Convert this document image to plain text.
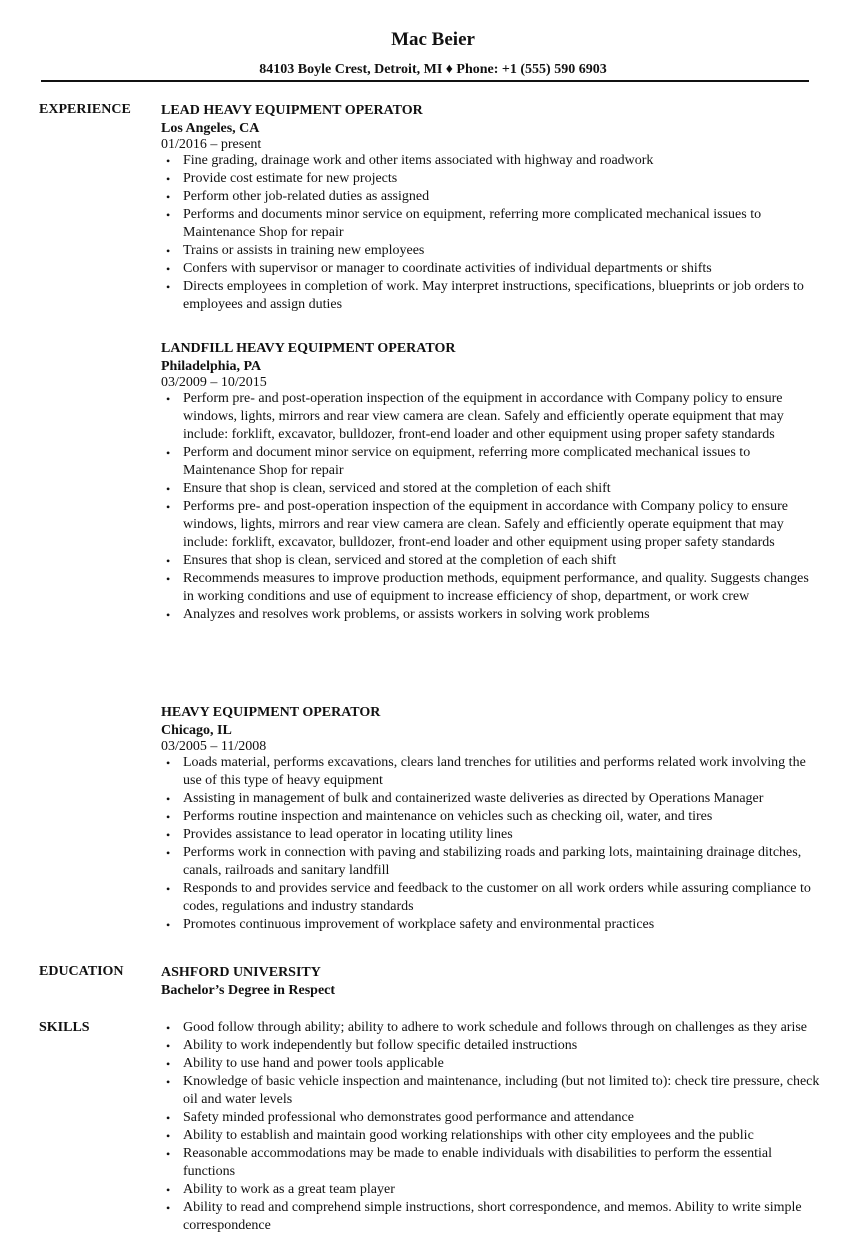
Mac Beier
84103 Boyle Crest, Detroit, MI ♦ Phone: +1 (555) 590 6903
EXPERIENCE LEAD HEAVY EQUIPMENT OPERATOR
Los Angeles, CA
01/2016 – present
• Fine grading, drainage work and other items associated with highway and roadwork
• Provide cost estimate for new projects
• Perform other job-related duties as assigned
• Performs and documents minor service on equipment, referring more complicated mechanical issues to Maintenance Shop for repair
• Trains or assists in training new employees
• Confers with supervisor or manager to coordinate activities of individual departments or shifts
• Directs employees in completion of work. May interpret instructions, specifications, blueprints or job orders to employees and assign duties
LANDFILL HEAVY EQUIPMENT OPERATOR
Philadelphia, PA
03/2009 – 10/2015
• Perform pre- and post-operation inspection of the equipment in accordance with Company policy to ensure windows, lights, mirrors and rear view camera are clean. Safely and efficiently operate equipment that may include: forklift, excavator, bulldozer, front-end loader and other equipment using proper safety standards
• Perform and document minor service on equipment, referring more complicated mechanical issues to Maintenance Shop for repair
• Ensure that shop is clean, serviced and stored at the completion of each shift
• Performs pre- and post-operation inspection of the equipment in accordance with Company policy to ensure windows, lights, mirrors and rear view camera are clean. Safely and efficiently operate equipment that may include: forklift, excavator, bulldozer, front-end loader and other equipment using proper safety standards
• Ensures that shop is clean, serviced and stored at the completion of each shift
• Recommends measures to improve production methods, equipment performance, and quality. Suggests changes in working conditions and use of equipment to increase efficiency of shop, department, or work crew
• Analyzes and resolves work problems, or assists workers in solving work problems
HEAVY EQUIPMENT OPERATOR
Chicago, IL
03/2005 – 11/2008
• Loads material, performs excavations, clears land trenches for utilities and performs related work involving the use of this type of heavy equipment
• Assisting in management of bulk and containerized waste deliveries as directed by Operations Manager
• Performs routine inspection and maintenance on vehicles such as checking oil, water, and tires
• Provides assistance to lead operator in locating utility lines
• Performs work in connection with paving and stabilizing roads and parking lots, maintaining drainage ditches, canals, railroads and sanitary landfill
• Responds to and provides service and feedback to the customer on all work orders while assuring compliance to codes, regulations and industry standards
• Promotes continuous improvement of workplace safety and environmental practices
EDUCATION	ASHFORD UNIVERSITY
Bachelor’s Degree in Respect
SKILLS	• Good follow through ability; ability to adhere to work schedule and follows through on challenges as they arise
• Ability to work independently but follow specific detailed instructions
• Ability to use hand and power tools applicable
• Knowledge of basic vehicle inspection and maintenance, including (but not limited to): check tire pressure, check oil and water levels
• Safety minded professional who demonstrates good performance and attendance
• Ability to establish and maintain good working relationships with other city employees and the public
• Reasonable accommodations may be made to enable individuals with disabilities to perform the essential functions
• Ability to work as a great team player
• Ability to read and comprehend simple instructions, short correspondence, and memos. Ability to write simple correspondence
